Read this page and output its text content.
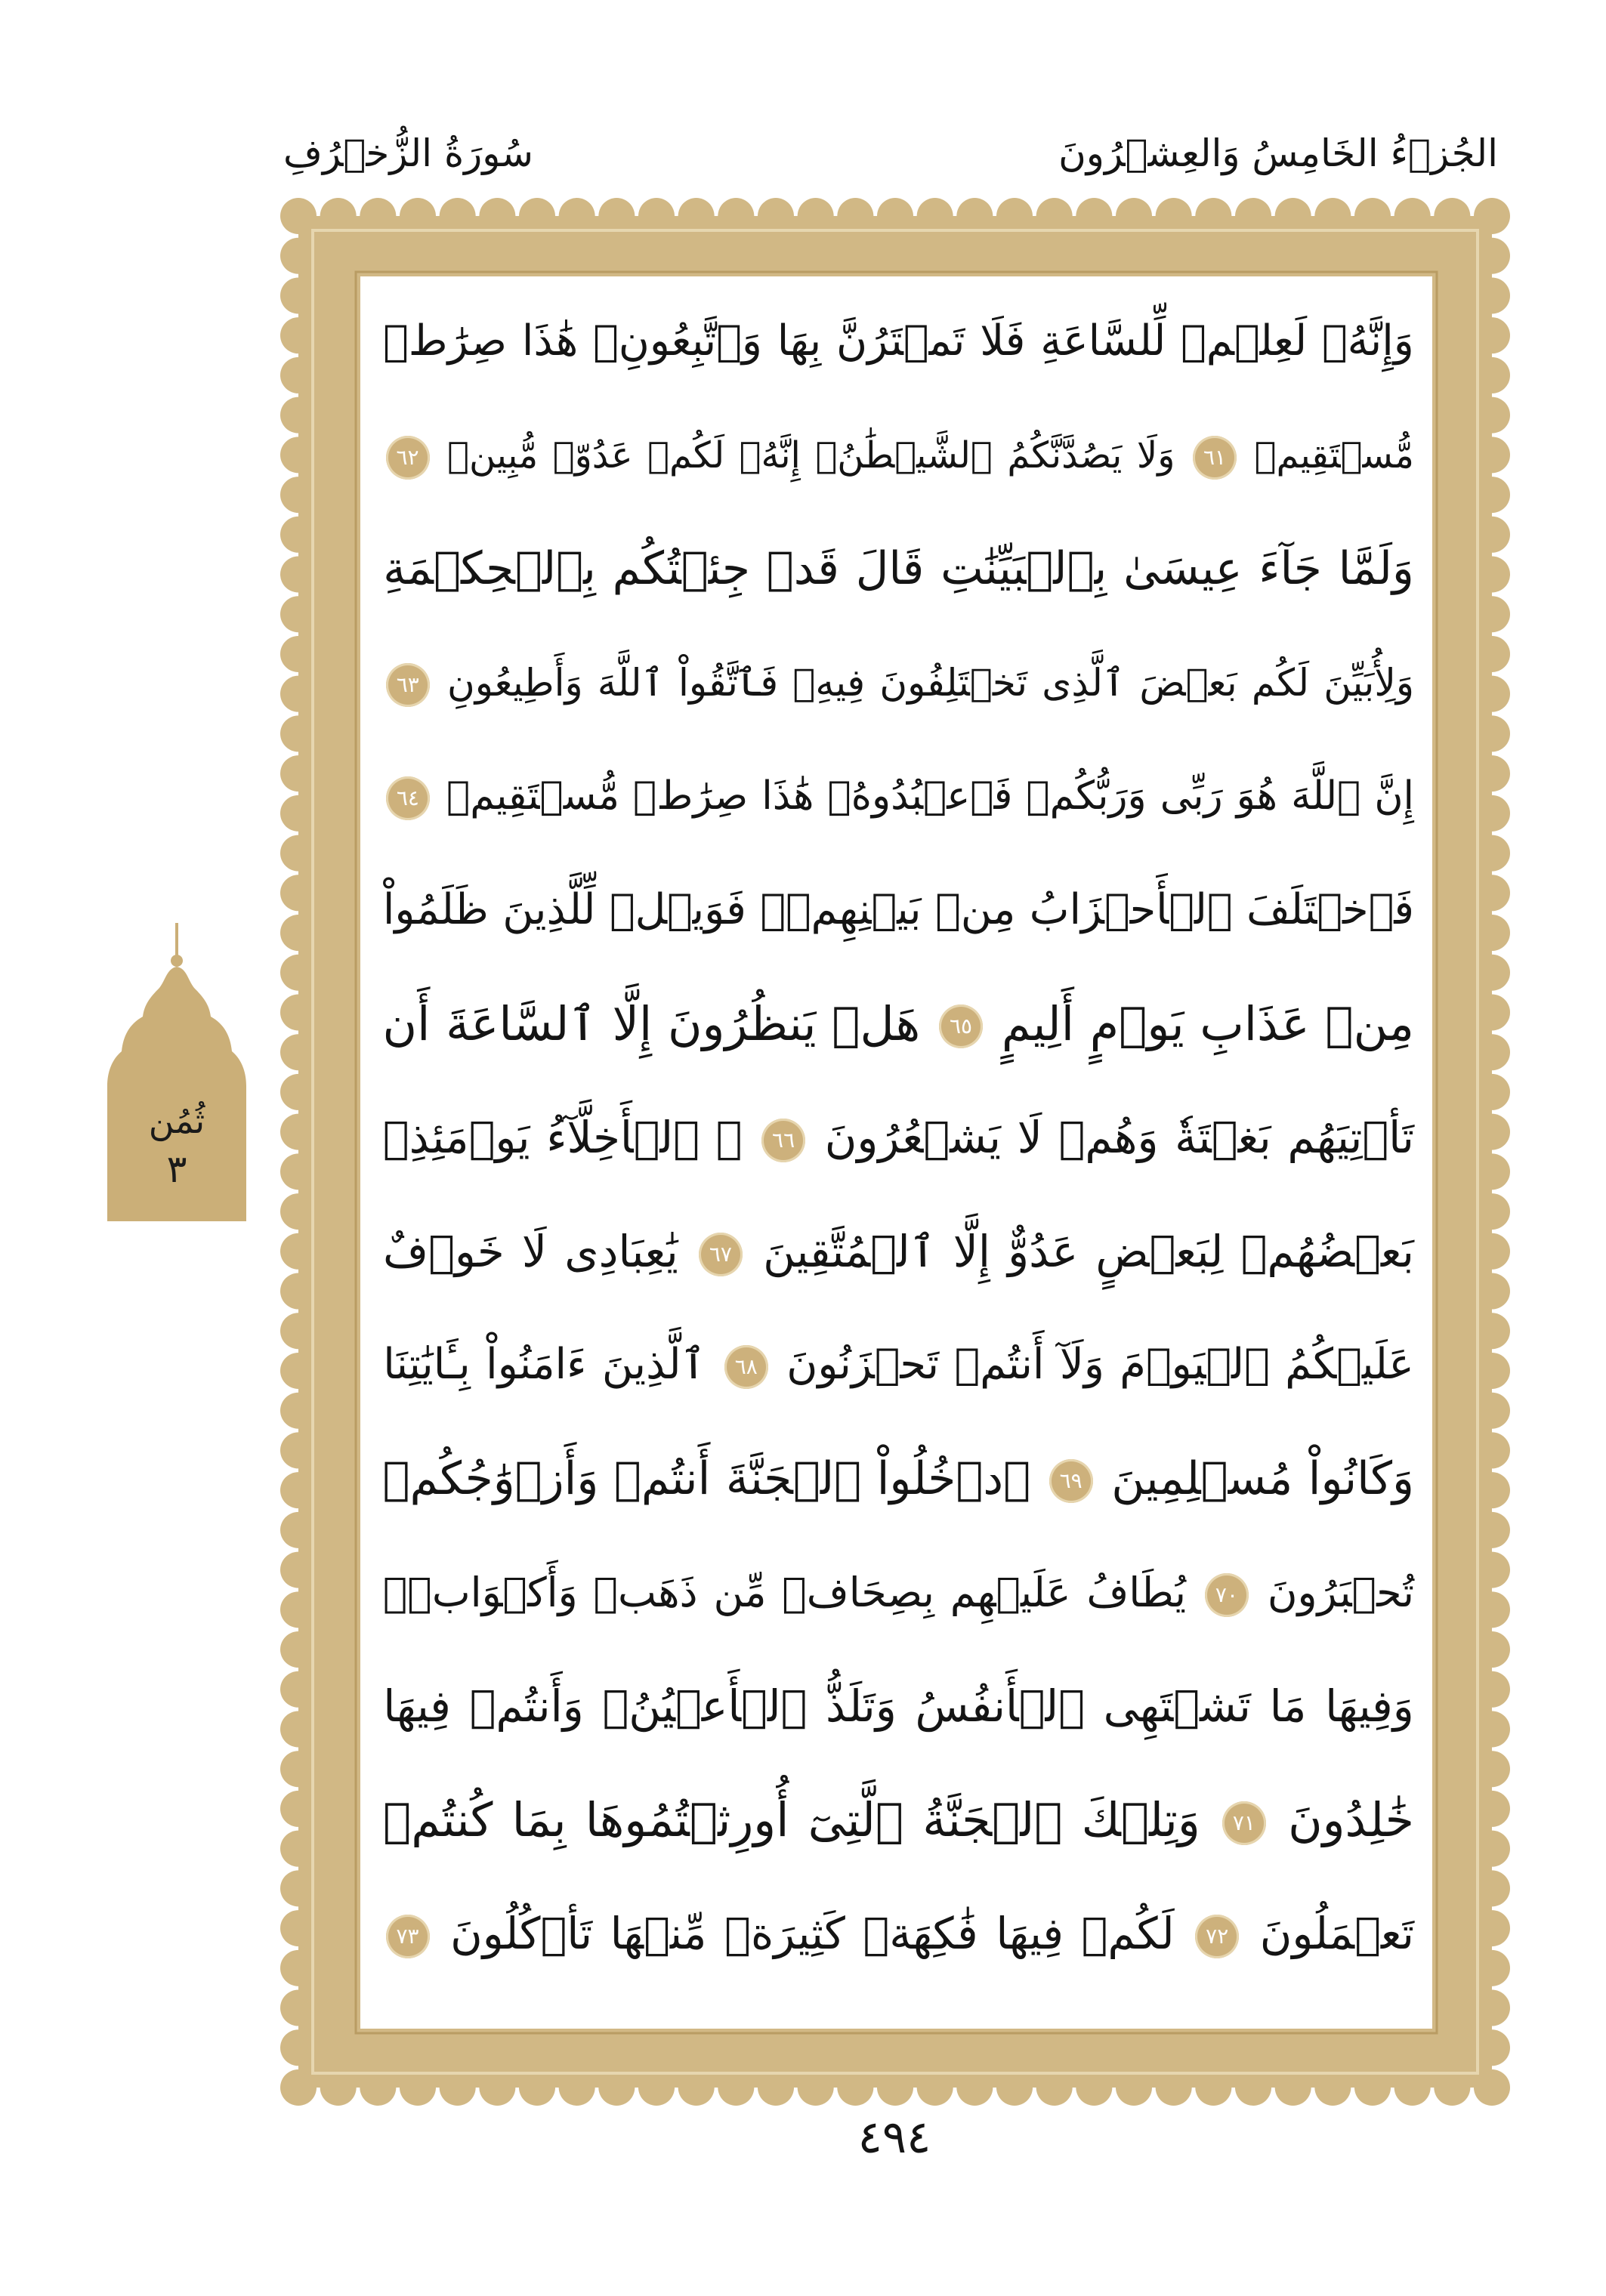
الجُزۡءُ الخَامِسُ وَالعِشۡرُونَ
سُورَةُ الزُّخۡرُفِ
وَإِنَّهُۥ لَعِلۡمٞ لِّلسَّاعَةِ فَلَا تَمۡتَرُنَّ بِهَا وَٱتَّبِعُونِۚ هَٰذَا صِرَٰطٞ
مُّسۡتَقِيمٞ ٦١ وَلَا يَصُدَّنَّكُمُ ٱلشَّيۡطَٰنُۖ إِنَّهُۥ لَكُمۡ عَدُوّٞ مُّبِينٞ ٦٢
وَلَمَّا جَآءَ عِيسَىٰ بِٱلۡبَيِّنَٰتِ قَالَ قَدۡ جِئۡتُكُم بِٱلۡحِكۡمَةِ
وَلِأُبَيِّنَ لَكُم بَعۡضَ ٱلَّذِى تَخۡتَلِفُونَ فِيهِۖ فَٱتَّقُواْ ٱللَّهَ وَأَطِيعُونِ ٦٣
إِنَّ ٱللَّهَ هُوَ رَبِّى وَرَبُّكُمۡ فَٱعۡبُدُوهُۚ هَٰذَا صِرَٰطٞ مُّسۡتَقِيمٞ ٦٤
فَٱخۡتَلَفَ ٱلۡأَحۡزَابُ مِنۢ بَيۡنِهِمۡۖ فَوَيۡلٞ لِّلَّذِينَ ظَلَمُواْ
مِنۡ عَذَابِ يَوۡمٍ أَلِيمٍ ٦٥ هَلۡ يَنظُرُونَ إِلَّا ٱلسَّاعَةَ أَن
تَأۡتِيَهُم بَغۡتَةٗ وَهُمۡ لَا يَشۡعُرُونَ ٦٦ ۞ ٱلۡأَخِلَّآءُ يَوۡمَئِذِۭ
بَعۡضُهُمۡ لِبَعۡضٍ عَدُوٌّ إِلَّا ٱلۡمُتَّقِينَ ٦٧ يَٰعِبَادِى لَا خَوۡفٌ
عَلَيۡكُمُ ٱلۡيَوۡمَ وَلَآ أَنتُمۡ تَحۡزَنُونَ ٦٨ ٱلَّذِينَ ءَامَنُواْ بِـَٔايَٰتِنَا
وَكَانُواْ مُسۡلِمِينَ ٦٩ ٱدۡخُلُواْ ٱلۡجَنَّةَ أَنتُمۡ وَأَزۡوَٰجُكُمۡ
تُحۡبَرُونَ ٧٠ يُطَافُ عَلَيۡهِم بِصِحَافٖ مِّن ذَهَبٖ وَأَكۡوَابٖۖ
وَفِيهَا مَا تَشۡتَهِى ٱلۡأَنفُسُ وَتَلَذُّ ٱلۡأَعۡيُنُۖ وَأَنتُمۡ فِيهَا
خَٰلِدُونَ ٧١ وَتِلۡكَ ٱلۡجَنَّةُ ٱلَّتِىٓ أُورِثۡتُمُوهَا بِمَا كُنتُمۡ
تَعۡمَلُونَ ٧٢ لَكُمۡ فِيهَا فَٰكِهَةٞ كَثِيرَةٞ مِّنۡهَا تَأۡكُلُونَ ٧٣
ثُمُن
٣
٤٩٤
